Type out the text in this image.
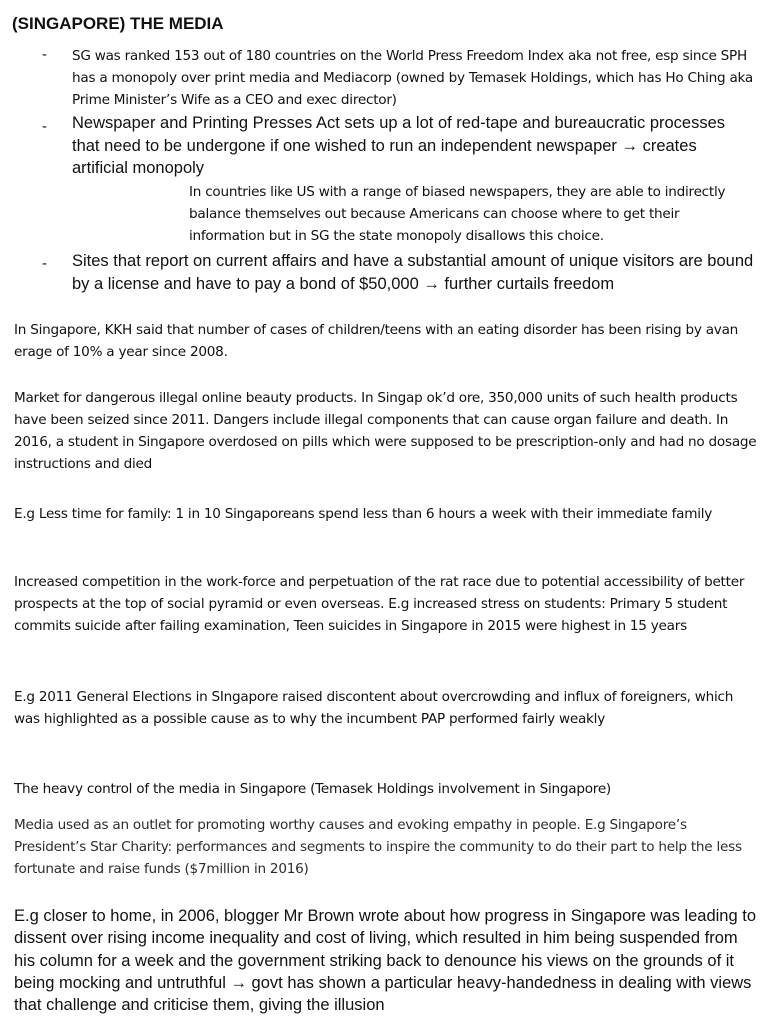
(SINGAPORE) THE MEDIA
- SG was ranked 153 out of 180 countries on the World Press Freedom Index aka not free, esp since SPH has a monopoly over print media and Mediacorp (owned by Temasek Holdings, which has Ho Ching aka Prime Minister’s Wife as a CEO and exec director)
- Newspaper and Printing Presses Act sets up a lot of red-tape and bureaucratic processes that need to be undergone if one wished to run an independent newspaper → creates artificial monopoly
In countries like US with a range of biased newspapers, they are able to indirectly balance themselves out because Americans can choose where to get their information but in SG the state monopoly disallows this choice.
- Sites that report on current affairs and have a substantial amount of unique visitors are bound by a license and have to pay a bond of $50,000 → further curtails freedom
In Singapore, KKH said that number of cases of children/teens with an eating disorder has been rising by avan erage of 10% a year since 2008.
Market for dangerous illegal online beauty products. In Singap ok’d ore, 350,000 units of such health products have been seized since 2011. Dangers include illegal components that can cause organ failure and death. In 2016, a student in Singapore overdosed on pills which were supposed to be prescription-only and had no dosage instructions and died
E.g Less time for family: 1 in 10 Singaporeans spend less than 6 hours a week with their immediate family
Increased competition in the work-force and perpetuation of the rat race due to potential accessibility of better prospects at the top of social pyramid or even overseas. E.g increased stress on students: Primary 5 student commits suicide after failing examination, Teen suicides in Singapore in 2015 were highest in 15 years
E.g 2011 General Elections in SIngapore raised discontent about overcrowding and influx of foreigners, which was highlighted as a possible cause as to why the incumbent PAP performed fairly weakly
The heavy control of the media in Singapore (Temasek Holdings involvement in Singapore)
Media used as an outlet for promoting worthy causes and evoking empathy in people. E.g Singapore’s President’s Star Charity: performances and segments to inspire the community to do their part to help the less fortunate and raise funds ($7million in 2016)
E.g closer to home, in 2006, blogger Mr Brown wrote about how progress in Singapore was leading to dissent over rising income inequality and cost of living, which resulted in him being suspended from his column for a week and the government striking back to denounce his views on the grounds of it being mocking and untruthful → govt has shown a particular heavy-handedness in dealing with views that challenge and criticise them, giving the illusion
